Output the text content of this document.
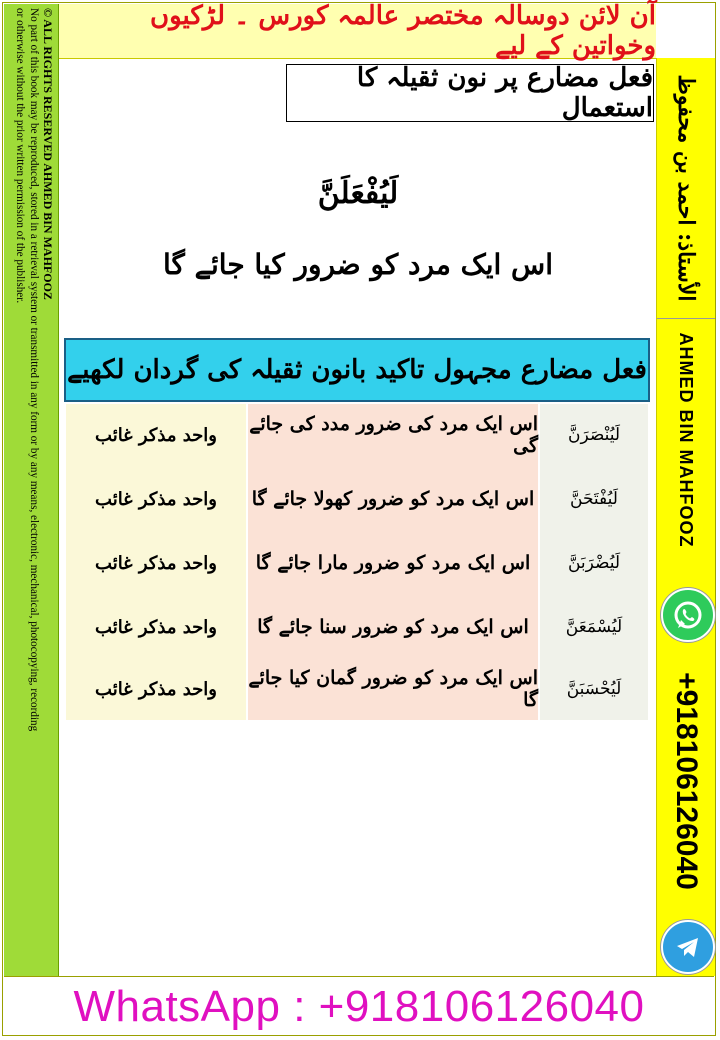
آن لائن دوسالہ مختصر عالمہ کورس ۔ لڑکیوں وخواتین کے لیے
© ALL RIGHTS RESERVED AHMED BIN MAHFOOZ
No part of this book may be reproduced, stored in a retrieval system or transmitted in any form or by any means, electronic, mechanical, photocopying, recording
or otherwise without the prior written permission of the publisher.	الأستاذ: احمد بن محفوظ
AHMED BIN MAHFOOZ
+918106126040
فعل مضارع پر نون ثقیلہ کا استعمال
لَيُفْعَلَنَّ
اس ایک مرد کو ضرور کیا جائے گا
فعل مضارع مجہول تاکید بانون ثقیلہ کی گردان لکھیے
لَيُنْصَرَنَّ
اس ایک مرد کی ضرور مدد کی جائے گی
واحد مذکر غائب
لَيُفْتَحَنَّ
اس ایک مرد کو ضرور کھولا جائے گا
واحد مذکر غائب
لَيُضْرَبَنَّ
اس ایک مرد کو ضرور مارا جائے گا
واحد مذکر غائب
لَيُسْمَعَنَّ
اس ایک مرد کو ضرور سنا جائے گا
واحد مذکر غائب
لَيُحْسَبَنَّ
اس ایک مرد کو ضرور گمان کیا جائے گا
واحد مذکر غائب
WhatsApp : +918106126040
